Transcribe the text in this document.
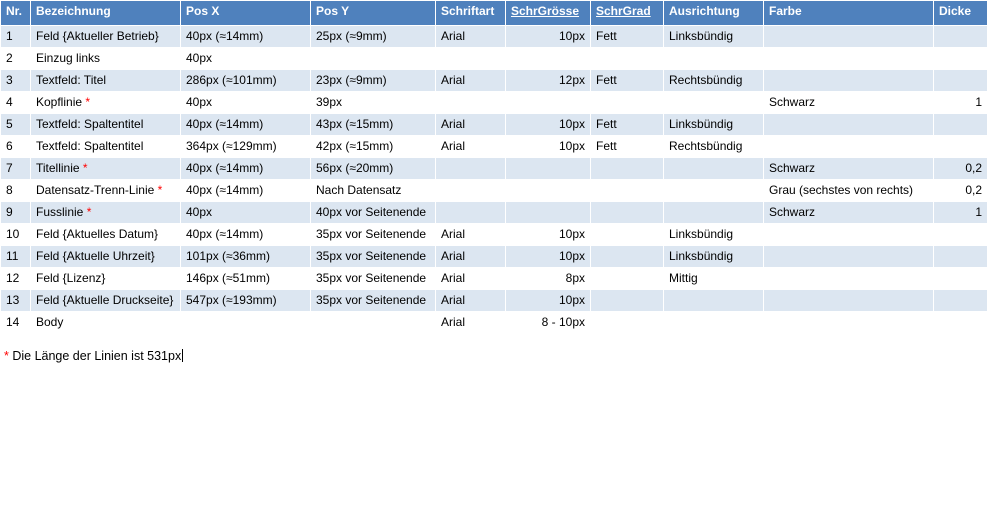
Nr.	Bezeichnung	Pos X	Pos Y	Schriftart	SchrGrösse	SchrGrad	Ausrichtung	Farbe	Dicke
1	Feld {Aktueller Betrieb}	40px (≈14mm)	25px (≈9mm)	Arial	10px	Fett	Linksbündig		
2	Einzug links	40px							
3	Textfeld: Titel	286px (≈101mm)	23px (≈9mm)	Arial	12px	Fett	Rechtsbündig		
4	Kopflinie *	40px	39px					Schwarz	1
5	Textfeld: Spaltentitel	40px (≈14mm)	43px (≈15mm)	Arial	10px	Fett	Linksbündig		
6	Textfeld: Spaltentitel	364px (≈129mm)	42px (≈15mm)	Arial	10px	Fett	Rechtsbündig		
7	Titellinie *	40px (≈14mm)	56px (≈20mm)					Schwarz	0,2
8	Datensatz-Trenn-Linie *	40px (≈14mm)	Nach Datensatz					Grau (sechstes von rechts)	0,2
9	Fusslinie *	40px	40px vor Seitenende					Schwarz	1
10	Feld {Aktuelles Datum}	40px (≈14mm)	35px vor Seitenende	Arial	10px		Linksbündig		
11	Feld {Aktuelle Uhrzeit}	101px (≈36mm)	35px vor Seitenende	Arial	10px		Linksbündig		
12	Feld {Lizenz}	146px (≈51mm)	35px vor Seitenende	Arial	8px		Mittig		
13	Feld {Aktuelle Druckseite}	547px (≈193mm)	35px vor Seitenende	Arial	10px				
14	Body			Arial	8 - 10px				
* Die Länge der Linien ist 531px
